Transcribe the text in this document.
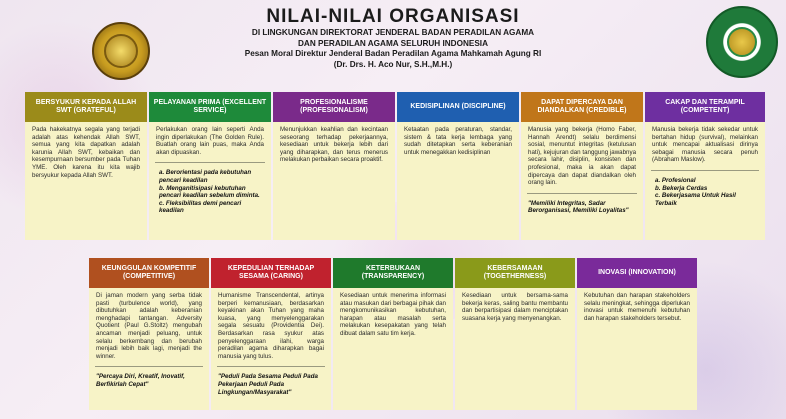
NILAI-NILAI ORGANISASI
DI LINGKUNGAN DIREKTORAT JENDERAL BADAN PERADILAN AGAMA
DAN PERADILAN AGAMA SELURUH INDONESIA
Pesan Moral Direktur Jenderal Badan Peradilan Agama Mahkamah Agung RI
(Dr. Drs. H. Aco Nur, S.H.,M.H.)
BERSYUKUR KEPADA ALLAH SWT (GRATEFUL)
Pada hakekatnya segala yang terjadi adalah atas kehendak Allah SWT, semua yang kita dapatkan adalah karunia Allah SWT, kebaikan dan kesempurnaan bersumber pada Tuhan YME. Oleh karena itu kita wajib bersyukur kepada Allah SWT.
PELAYANAN PRIMA (EXCELLENT SERVICE)
Perlakukan orang lain seperti Anda ingin diperlakukan (The Golden Rule). Buatlah orang lain puas, maka Anda akan dipuaskan.
a. Berorientasi pada kebutuhan pencari keadilan
b. Menganitisipasi kebutuhan pencari keadilan sebelum diminta.
c. Fleksibilitas demi pencari keadilan
PROFESIONALISME (PROFESIONALISM)
Menunjukkan keahlian dan kecintaan seseorang terhadap pekerjaannya, kesediaan untuk bekerja lebih dari yang diharapkan, dan terus menerus melakukan perbaikan secara proaktif.
KEDISIPLINAN (DISCIPLINE)
Ketaatan pada peraturan, standar, sistem & tata kerja lembaga yang sudah ditetapkan serta keberanian untuk menegakkan kedisiplinan
DAPAT DIPERCAYA DAN DIANDALKAN (CREDIBLE)
Manusia yang bekerja (Homo Faber, Hannah Arendt) selalu berdimensi sosial, menuntut integritas (ketulusan hati), kejujuran dan tanggung jawabnya secara lahir, disiplin, konsisten dan profesional, maka ia akan dapat dipercaya dan dapat diandalkan oleh orang lain.
"Memiliki Integritas, Sadar Berorganisasi, Memiliki Loyalitas"
CAKAP DAN TERAMPIL (COMPETENT)
Manusia bekerja tidak sekedar untuk bertahan hidup (survival), melainkan untuk mencapai aktualisasi dirinya sebagai manusia secara penuh (Abraham Maslow).
a. Profesional
b. Bekerja Cerdas
c. Bekerjasama Untuk Hasil Terbaik
KEUNGGULAN KOMPETITIF (COMPETITIVE)
Di jaman modern yang serba tidak pasti (turbulence world), yang dibutuhkan adalah keberanian menghadapi tantangan. Adversity Quotient (Paul G.Stoltz) mengubah ancaman menjadi peluang, untuk selalu berkembang dan berubah menjadi lebih baik lagi, menjadi the winner.
"Percaya Diri, Kreatif, Inovatif, Berfikirlah Cepat"
KEPEDULIAN TERHADAP SESAMA (CARING)
Humanisme Transcendental, artinya berperi kemanusiaan, berdasarkan keyakinan akan Tuhan yang maha kuasa, yang menyelenggarakan segala sesuatu (Providentia Dei). Berdasarkan rasa syukur atas penyelenggaraan ilahi, warga peradilan agama diharapkan bagai manusia yang tulus.
"Peduli Pada Sesama Peduli Pada Pekerjaan Peduli Pada Lingkungan/Masyarakat"
KETERBUKAAN (TRANSPARENCY)
Kesediaan untuk menerima informasi atau masukan dari berbagai pihak dan mengkomunikasikan kebutuhan, harapan atau masalah serta melakukan kesepakatan yang telah dibuat dalam satu tim kerja.
KEBERSAMAAN (TOGETHERNESS)
Kesediaan untuk bersama-sama bekerja keras, saling bantu membantu dan berpartisipasi dalam menciptakan suasana kerja yang menyenangkan.
INOVASI (INNOVATION)
Kebutuhan dan harapan stakeholders selalu meningkat, sehingga diperlukan inovasi untuk memenuhi kebutuhan dan harapan stakeholders tersebut.
